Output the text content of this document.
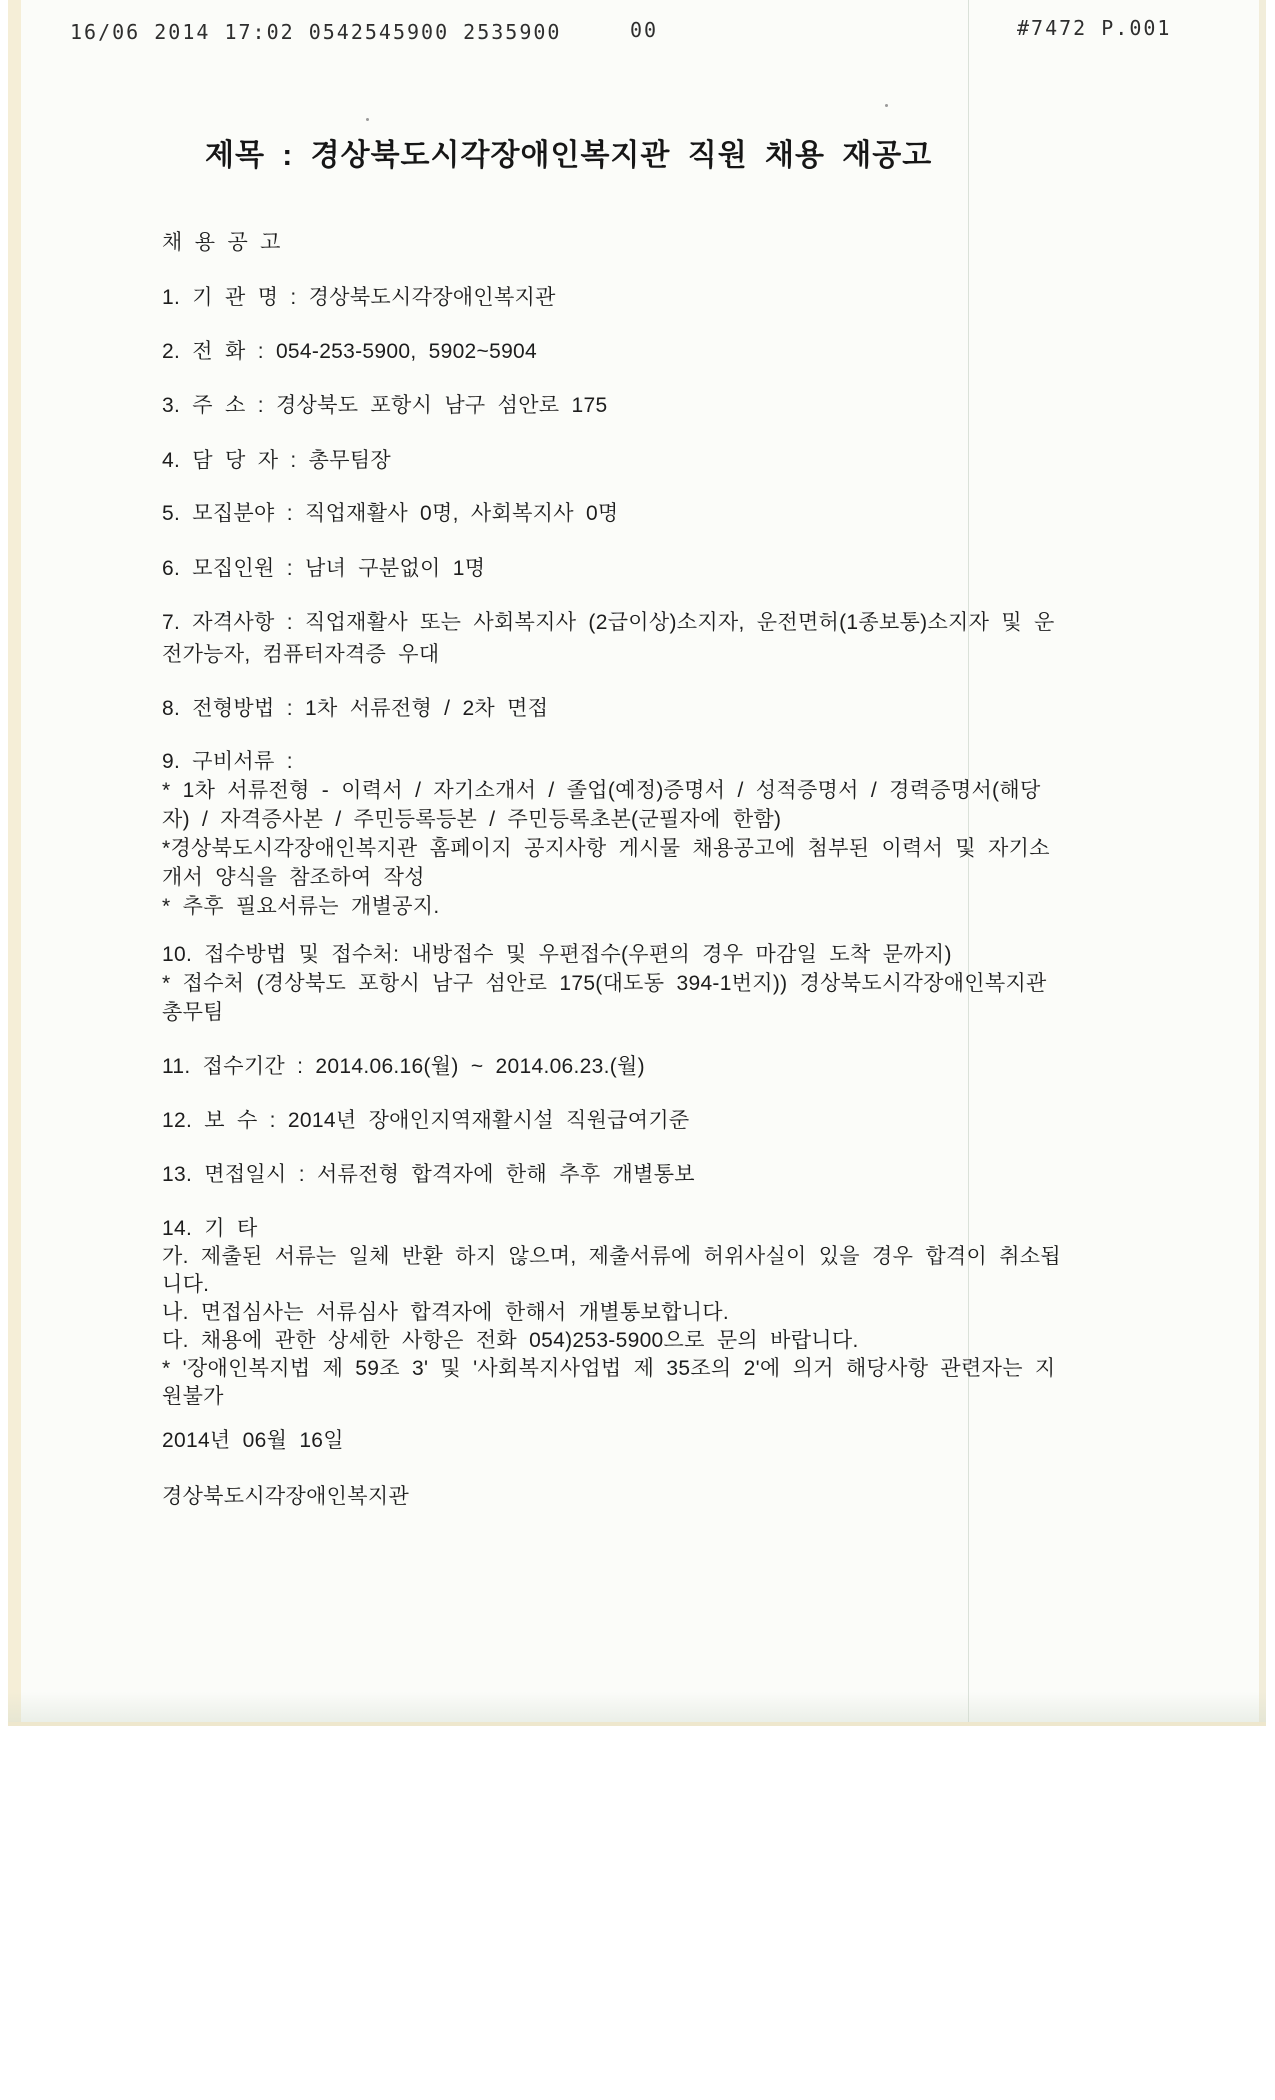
16/06 2014 17:02 0542545900 2535900	00	#7472 P.001
제목 : 경상북도시각장애인복지관 직원 채용 재공고
채 용 공 고
1. 기 관 명 : 경상북도시각장애인복지관
2. 전 화 : 054-253-5900, 5902~5904
3. 주 소 : 경상북도 포항시 남구 섬안로 175
4. 담 당 자 : 총무팀장
5. 모집분야 : 직업재활사 0명, 사회복지사 0명
6. 모집인원 : 남녀 구분없이 1명
7. 자격사항 : 직업재활사 또는 사회복지사 (2급이상)소지자, 운전면허(1종보통)소지자 및 운
전가능자, 컴퓨터자격증 우대
8. 전형방법 : 1차 서류전형 / 2차 면접
9. 구비서류 :
* 1차 서류전형 - 이력서 / 자기소개서 / 졸업(예정)증명서 / 성적증명서 / 경력증명서(해당
자) / 자격증사본 / 주민등록등본 / 주민등록초본(군필자에 한함)
*경상북도시각장애인복지관 홈페이지 공지사항 게시물 채용공고에 첨부된 이력서 및 자기소
개서 양식을 참조하여 작성
* 추후 필요서류는 개별공지.
10. 접수방법 및 접수처: 내방접수 및 우편접수(우편의 경우 마감일 도착 문까지)
* 접수처 (경상북도 포항시 남구 섬안로 175(대도동 394-1번지)) 경상북도시각장애인복지관
총무팀
11. 접수기간 : 2014.06.16(월) ~ 2014.06.23.(월)
12. 보 수 : 2014년 장애인지역재활시설 직원급여기준
13. 면접일시 : 서류전형 합격자에 한해 추후 개별통보
14. 기 타
가. 제출된 서류는 일체 반환 하지 않으며, 제출서류에 허위사실이 있을 경우 합격이 취소됩
니다.
나. 면접심사는 서류심사 합격자에 한해서 개별통보합니다.
다. 채용에 관한 상세한 사항은 전화 054)253-5900으로 문의 바랍니다.
* '장애인복지법 제 59조 3' 및 '사회복지사업법 제 35조의 2'에 의거 해당사항 관련자는 지
원불가
2014년 06월 16일
경상북도시각장애인복지관
